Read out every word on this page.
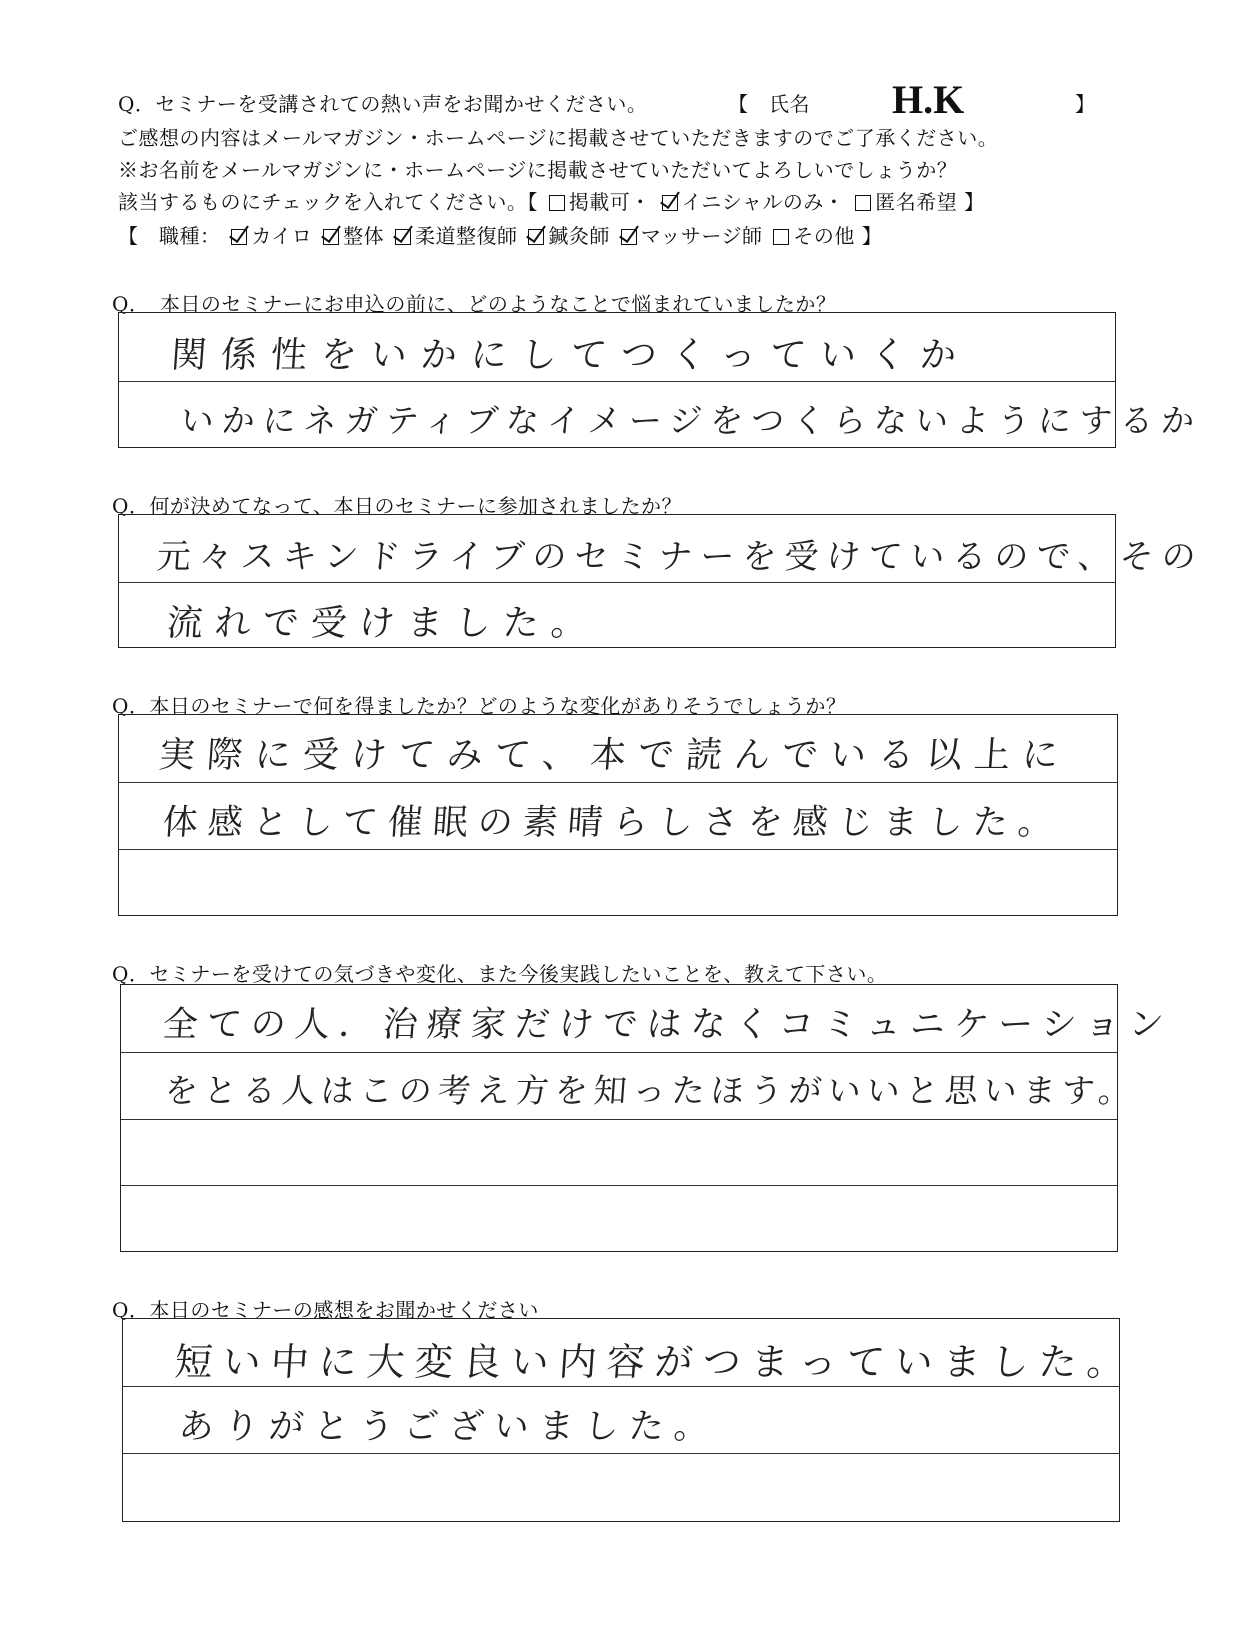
Q．セミナーを受講されての熱い声をお聞かせください。	【　氏名 H.K	】
ご感想の内容はメールマガジン・ホームページに掲載させていただきますのでご了承ください。
※お名前をメールマガジンに・ホームページに掲載させていただいてよろしいでしょうか？
該当するものにチェックを入れてください。【 掲載可・ イニシャルのみ・ 匿名希望 】
【　職種： カイロ 整体 柔道整復師 鍼灸師 マッサージ師 その他 】
Q．　本日のセミナーにお申込の前に、どのようなことで悩まれていましたか？
関係性をいかにしてつくっていくか
いかにネガティブなイメージをつくらないようにするか
Q．何が決めてなって、本日のセミナーに参加されましたか？
元々スキンドライブのセミナーを受けているので、その
流れで受けました。
Q．本日のセミナーで何を得ましたか？どのような変化がありそうでしょうか？
実際に受けてみて、本で読んでいる以上に
体感として催眠の素晴らしさを感じました。
Q．セミナーを受けての気づきや変化、また今後実践したいことを、教えて下さい。
全ての人．治療家だけではなくコミュニケーション
をとる人はこの考え方を知ったほうがいいと思います。
Q．本日のセミナーの感想をお聞かせください
短い中に大変良い内容がつまっていました。
ありがとうございました。
